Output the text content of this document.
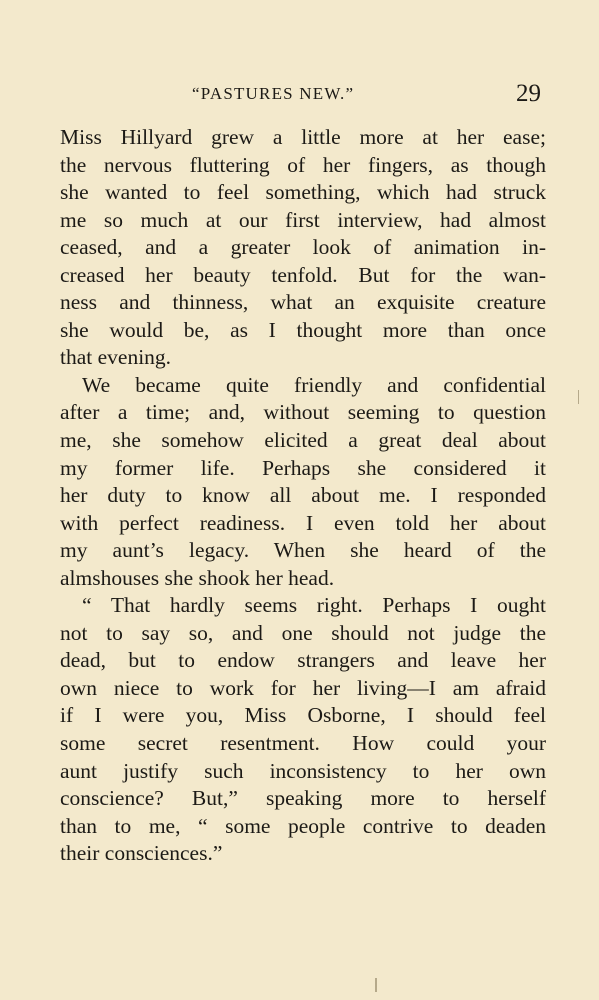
“PASTURES NEW.”	29
Miss Hillyard grew a little more at her ease;
the nervous fluttering of her fingers, as though
she wanted to feel something, which had struck
me so much at our first interview, had almost
ceased, and a greater look of animation in-
creased her beauty tenfold. But for the wan-
ness and thinness, what an exquisite creature
she would be, as I thought more than once
that evening.
We became quite friendly and confidential
after a time; and, without seeming to question
me, she somehow elicited a great deal about
my former life. Perhaps she considered it
her duty to know all about me. I responded
with perfect readiness. I even told her about
my aunt’s legacy. When she heard of the
almshouses she shook her head.
“ That hardly seems right. Perhaps I ought
not to say so, and one should not judge the
dead, but to endow strangers and leave her
own niece to work for her living—I am afraid
if I were you, Miss Osborne, I should feel
some secret resentment. How could your
aunt justify such inconsistency to her own
conscience? But,” speaking more to herself
than to me, “ some people contrive to deaden
their consciences.”
